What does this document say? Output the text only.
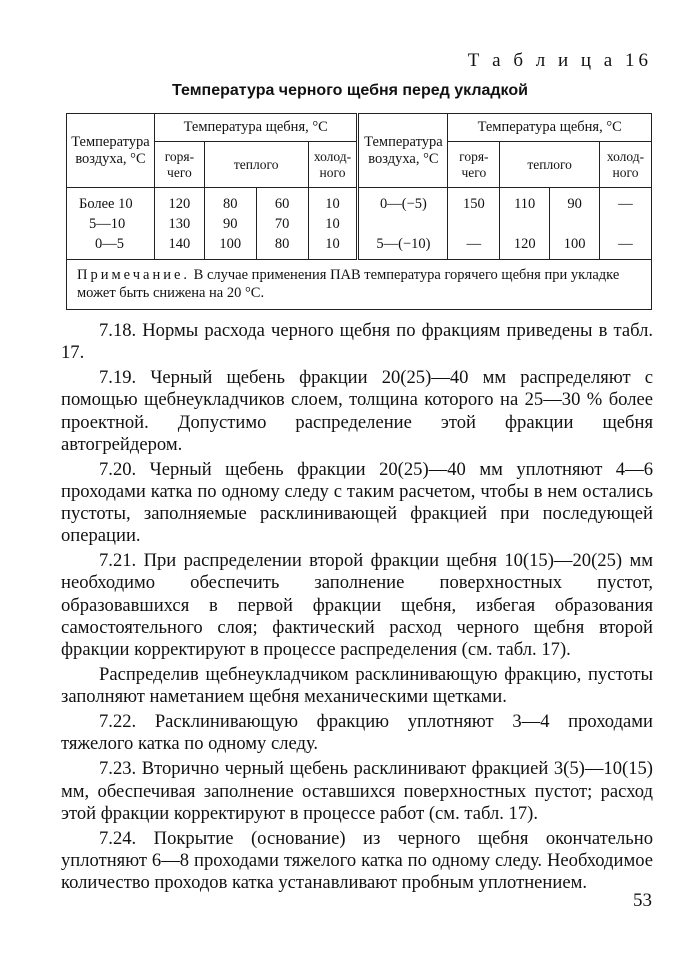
Т а б л и ц а 16
Температура черного щебня перед укладкой
Температура воздуха, °С	Температура щебня, °С				Температура воздуха, °С	Температура щебня, °С			
	горя-чего	теплого		холод-ного		горя-чего	теплого		холод-ного
Более 10	120	80	60	10	0—(−5)	150	110	90	—
5—10	130	90	70	10					
0—5	140	100	80	10	5—(−10)	—	120	100	—
Примечание. В случае применения ПАВ температура горячего щебня при укладке может быть снижена на 20 °С.									

7.18. Нормы расхода черного щебня по фракциям приведены в табл. 17.

7.19. Черный щебень фракции 20(25)—40 мм распределяют с помощью щебнеукладчиков слоем, толщина которого на 25—30 % более проектной. Допустимо распределение этой фракции щебня автогрейдером.

7.20. Черный щебень фракции 20(25)—40 мм уплотняют 4—6 проходами катка по одному следу с таким расчетом, чтобы в нем остались пустоты, заполняемые расклинивающей фракцией при последующей операции.

7.21. При распределении второй фракции щебня 10(15)—20(25) мм необходимо обеспечить заполнение поверхностных пустот, образовавшихся в первой фракции щебня, избегая образования самостоятельного слоя; фактический расход черного щебня второй фракции корректируют в процессе распределения (см. табл. 17).

Распределив щебнеукладчиком расклинивающую фракцию, пустоты заполняют наметанием щебня механическими щетками.

7.22. Расклинивающую фракцию уплотняют 3—4 проходами тяжелого катка по одному следу.

7.23. Вторично черный щебень расклинивают фракцией 3(5)—10(15) мм, обеспечивая заполнение оставшихся поверхностных пустот; расход этой фракции корректируют в процессе работ (см. табл. 17).

7.24. Покрытие (основание) из черного щебня окончательно уплотняют 6—8 проходами тяжелого катка по одному следу. Необходимое количество проходов катка устанавливают пробным уплотнением.

53
